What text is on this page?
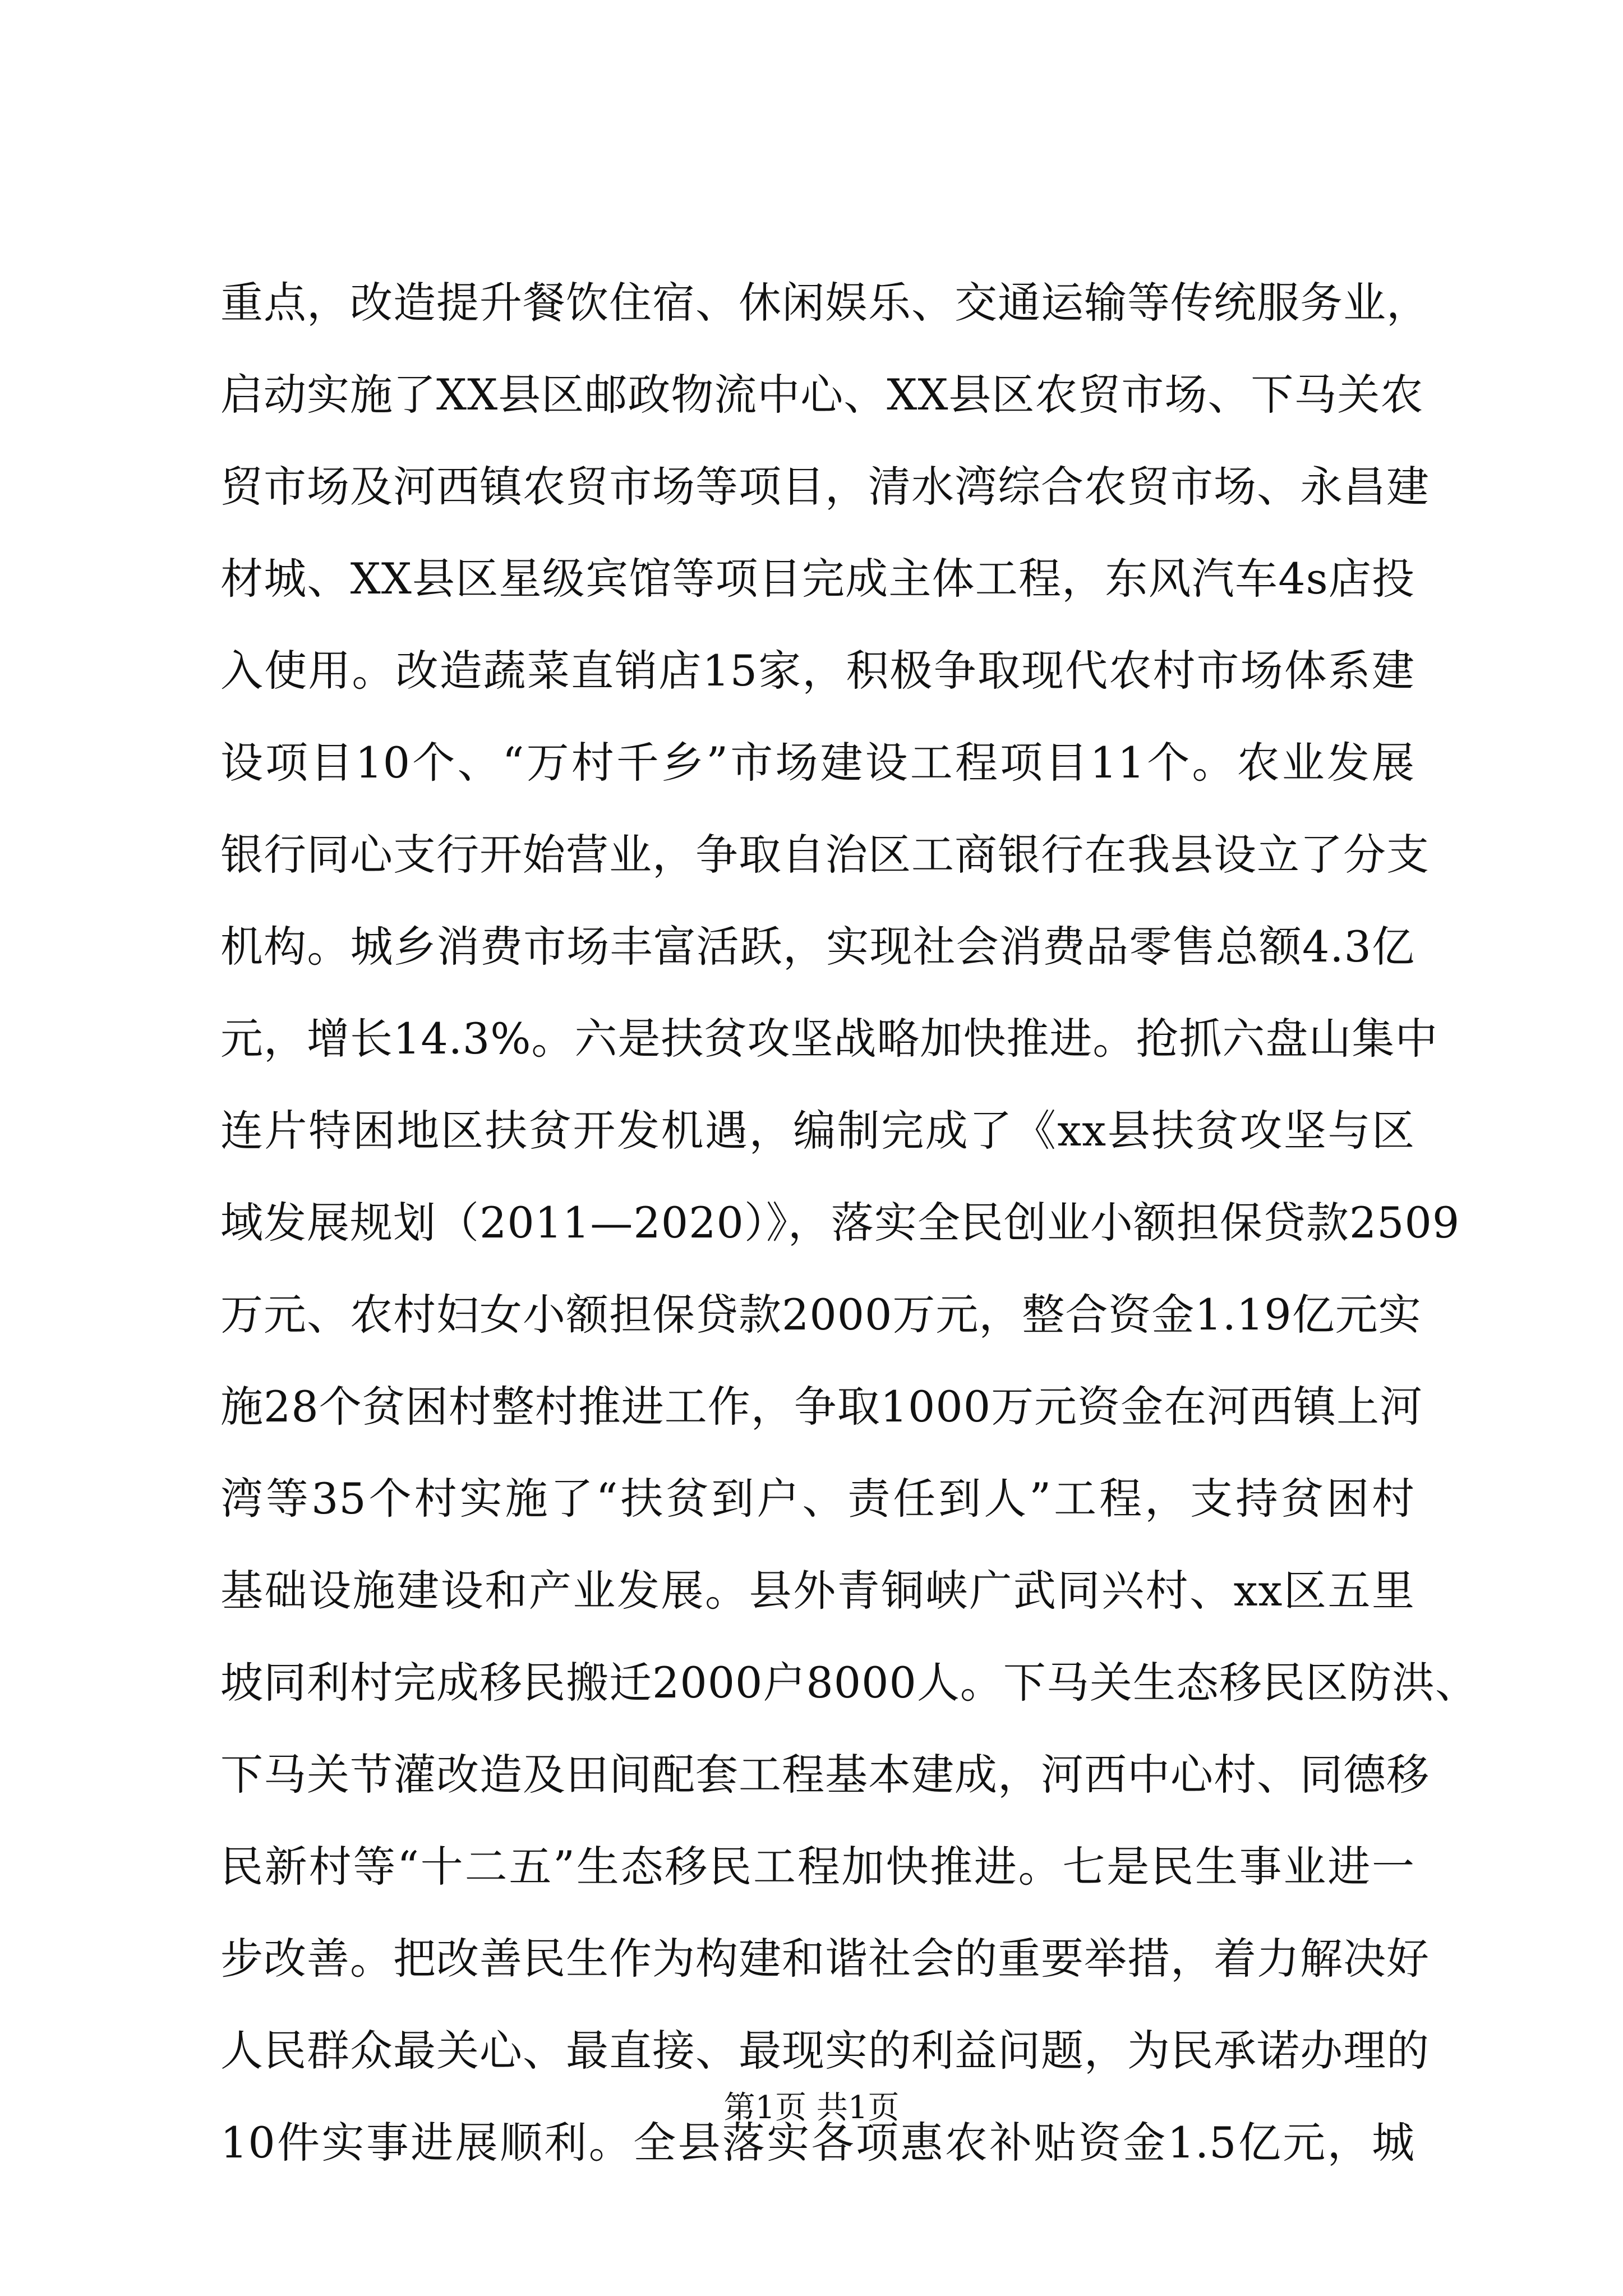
重点，改造提升餐饮住宿、休闲娱乐、交通运输等传统服务业，
启动实施了XX县区邮政物流中心、XX县区农贸市场、下马关农
贸市场及河西镇农贸市场等项目，清水湾综合农贸市场、永昌建
材城、XX县区星级宾馆等项目完成主体工程，东风汽车4s店投
入使用。改造蔬菜直销店15家，积极争取现代农村市场体系建
设项目10个、“万村千乡”市场建设工程项目11个。农业发展
银行同心支行开始营业，争取自治区工商银行在我县设立了分支
机构。城乡消费市场丰富活跃，实现社会消费品零售总额4.3亿
元，增长14.3%。六是扶贫攻坚战略加快推进。抢抓六盘山集中
连片特困地区扶贫开发机遇，编制完成了《xx县扶贫攻坚与区
域发展规划（2011—2020）》，落实全民创业小额担保贷款2509
万元、农村妇女小额担保贷款2000万元，整合资金1.19亿元实
施28个贫困村整村推进工作，争取1000万元资金在河西镇上河
湾等35个村实施了“扶贫到户、责任到人”工程，支持贫困村
基础设施建设和产业发展。县外青铜峡广武同兴村、xx区五里
坡同利村完成移民搬迁2000户8000人。下马关生态移民区防洪、
下马关节灌改造及田间配套工程基本建成，河西中心村、同德移
民新村等“十二五”生态移民工程加快推进。七是民生事业进一
步改善。把改善民生作为构建和谐社会的重要举措，着力解决好
人民群众最关心、最直接、最现实的利益问题，为民承诺办理的
10件实事进展顺利。全县落实各项惠农补贴资金1.5亿元，城
第1页 共1页
